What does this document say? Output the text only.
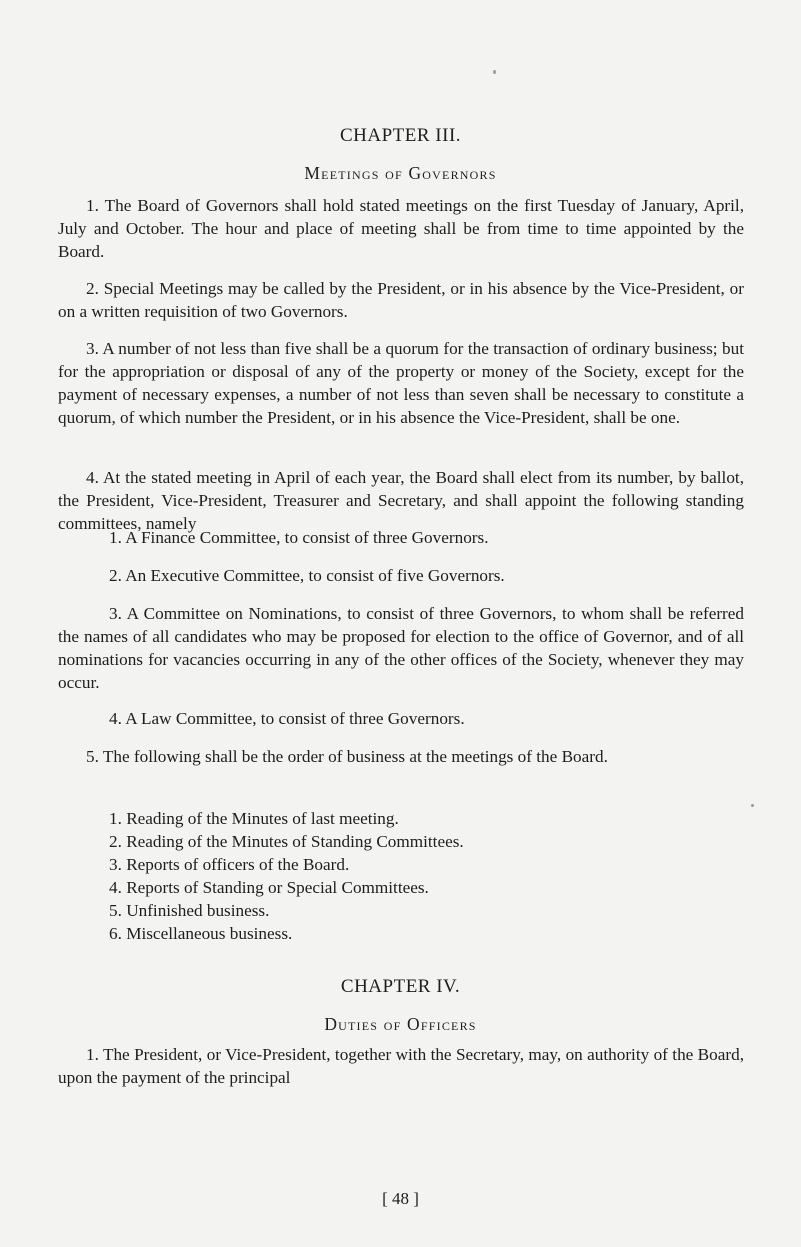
CHAPTER III.
Meetings of Governors

1. The Board of Governors shall hold stated meetings on the first Tuesday of January, April, July and October. The hour and place of meeting shall be from time to time appointed by the Board.

2. Special Meetings may be called by the President, or in his absence by the Vice-President, or on a written requisition of two Governors.

3. A number of not less than five shall be a quorum for the transaction of ordinary business; but for the appropriation or disposal of any of the property or money of the Society, except for the payment of necessary expenses, a number of not less than seven shall be necessary to constitute a quorum, of which number the President, or in his absence the Vice-President, shall be one.

4. At the stated meeting in April of each year, the Board shall elect from its number, by ballot, the President, Vice-President, Treasurer and Secretary, and shall appoint the following standing committees, namely

1. A Finance Committee, to consist of three Governors.

2. An Executive Committee, to consist of five Governors.

3. A Committee on Nominations, to consist of three Governors, to whom shall be referred the names of all candidates who may be proposed for election to the office of Governor, and of all nominations for vacancies occurring in any of the other offices of the Society, whenever they may occur.

4. A Law Committee, to consist of three Governors.

5. The following shall be the order of business at the meetings of the Board.

1. Reading of the Minutes of last meeting.
2. Reading of the Minutes of Standing Committees.
3. Reports of officers of the Board.
4. Reports of Standing or Special Committees.
5. Unfinished business.
6. Miscellaneous business.
CHAPTER IV.
Duties of Officers

1. The President, or Vice-President, together with the Secretary, may, on authority of the Board, upon the payment of the principal

[ 48 ]
